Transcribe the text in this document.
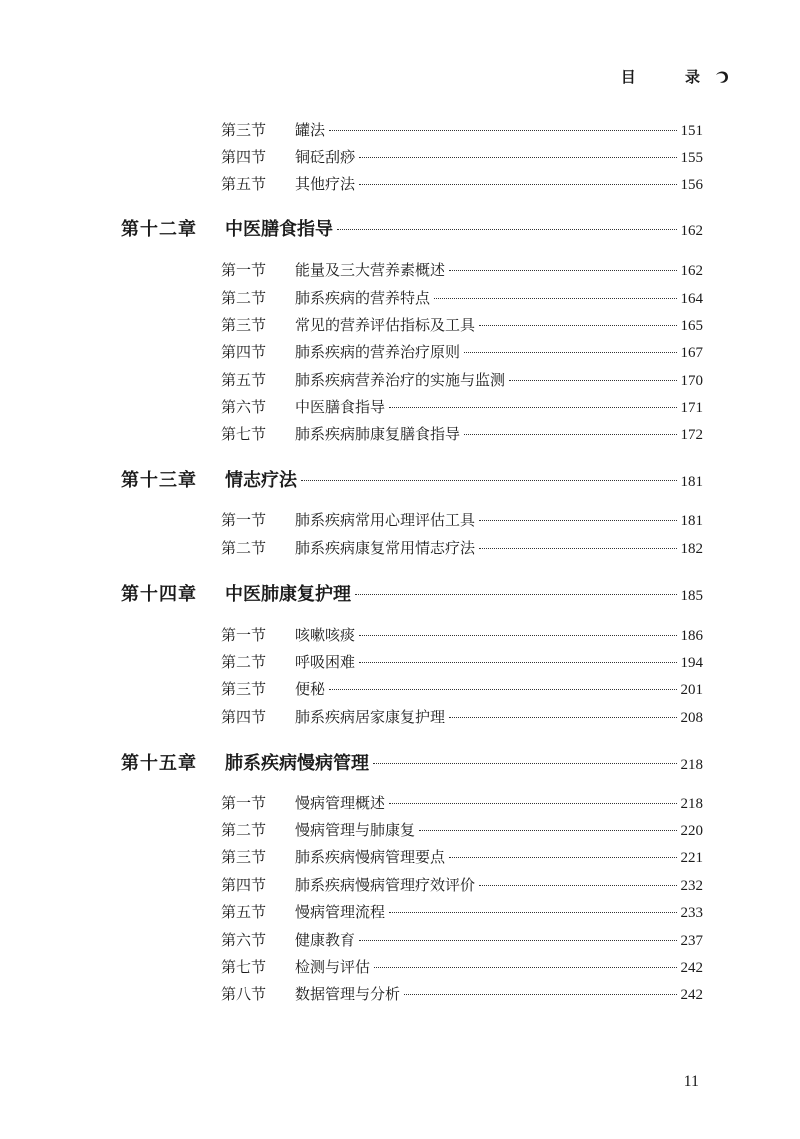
目 录
第三节	罐法	151
第四节	铜砭刮痧	155
第五节	其他疗法	156
第十二章	中医膳食指导	162
第一节	能量及三大营养素概述	162
第二节	肺系疾病的营养特点	164
第三节	常见的营养评估指标及工具	165
第四节	肺系疾病的营养治疗原则	167
第五节	肺系疾病营养治疗的实施与监测	170
第六节	中医膳食指导	171
第七节	肺系疾病肺康复膳食指导	172
第十三章	情志疗法	181
第一节	肺系疾病常用心理评估工具	181
第二节	肺系疾病康复常用情志疗法	182
第十四章	中医肺康复护理	185
第一节	咳嗽咳痰	186
第二节	呼吸困难	194
第三节	便秘	201
第四节	肺系疾病居家康复护理	208
第十五章	肺系疾病慢病管理	218
第一节	慢病管理概述	218
第二节	慢病管理与肺康复	220
第三节	肺系疾病慢病管理要点	221
第四节	肺系疾病慢病管理疗效评价	232
第五节	慢病管理流程	233
第六节	健康教育	237
第七节	检测与评估	242
第八节	数据管理与分析	242
11
